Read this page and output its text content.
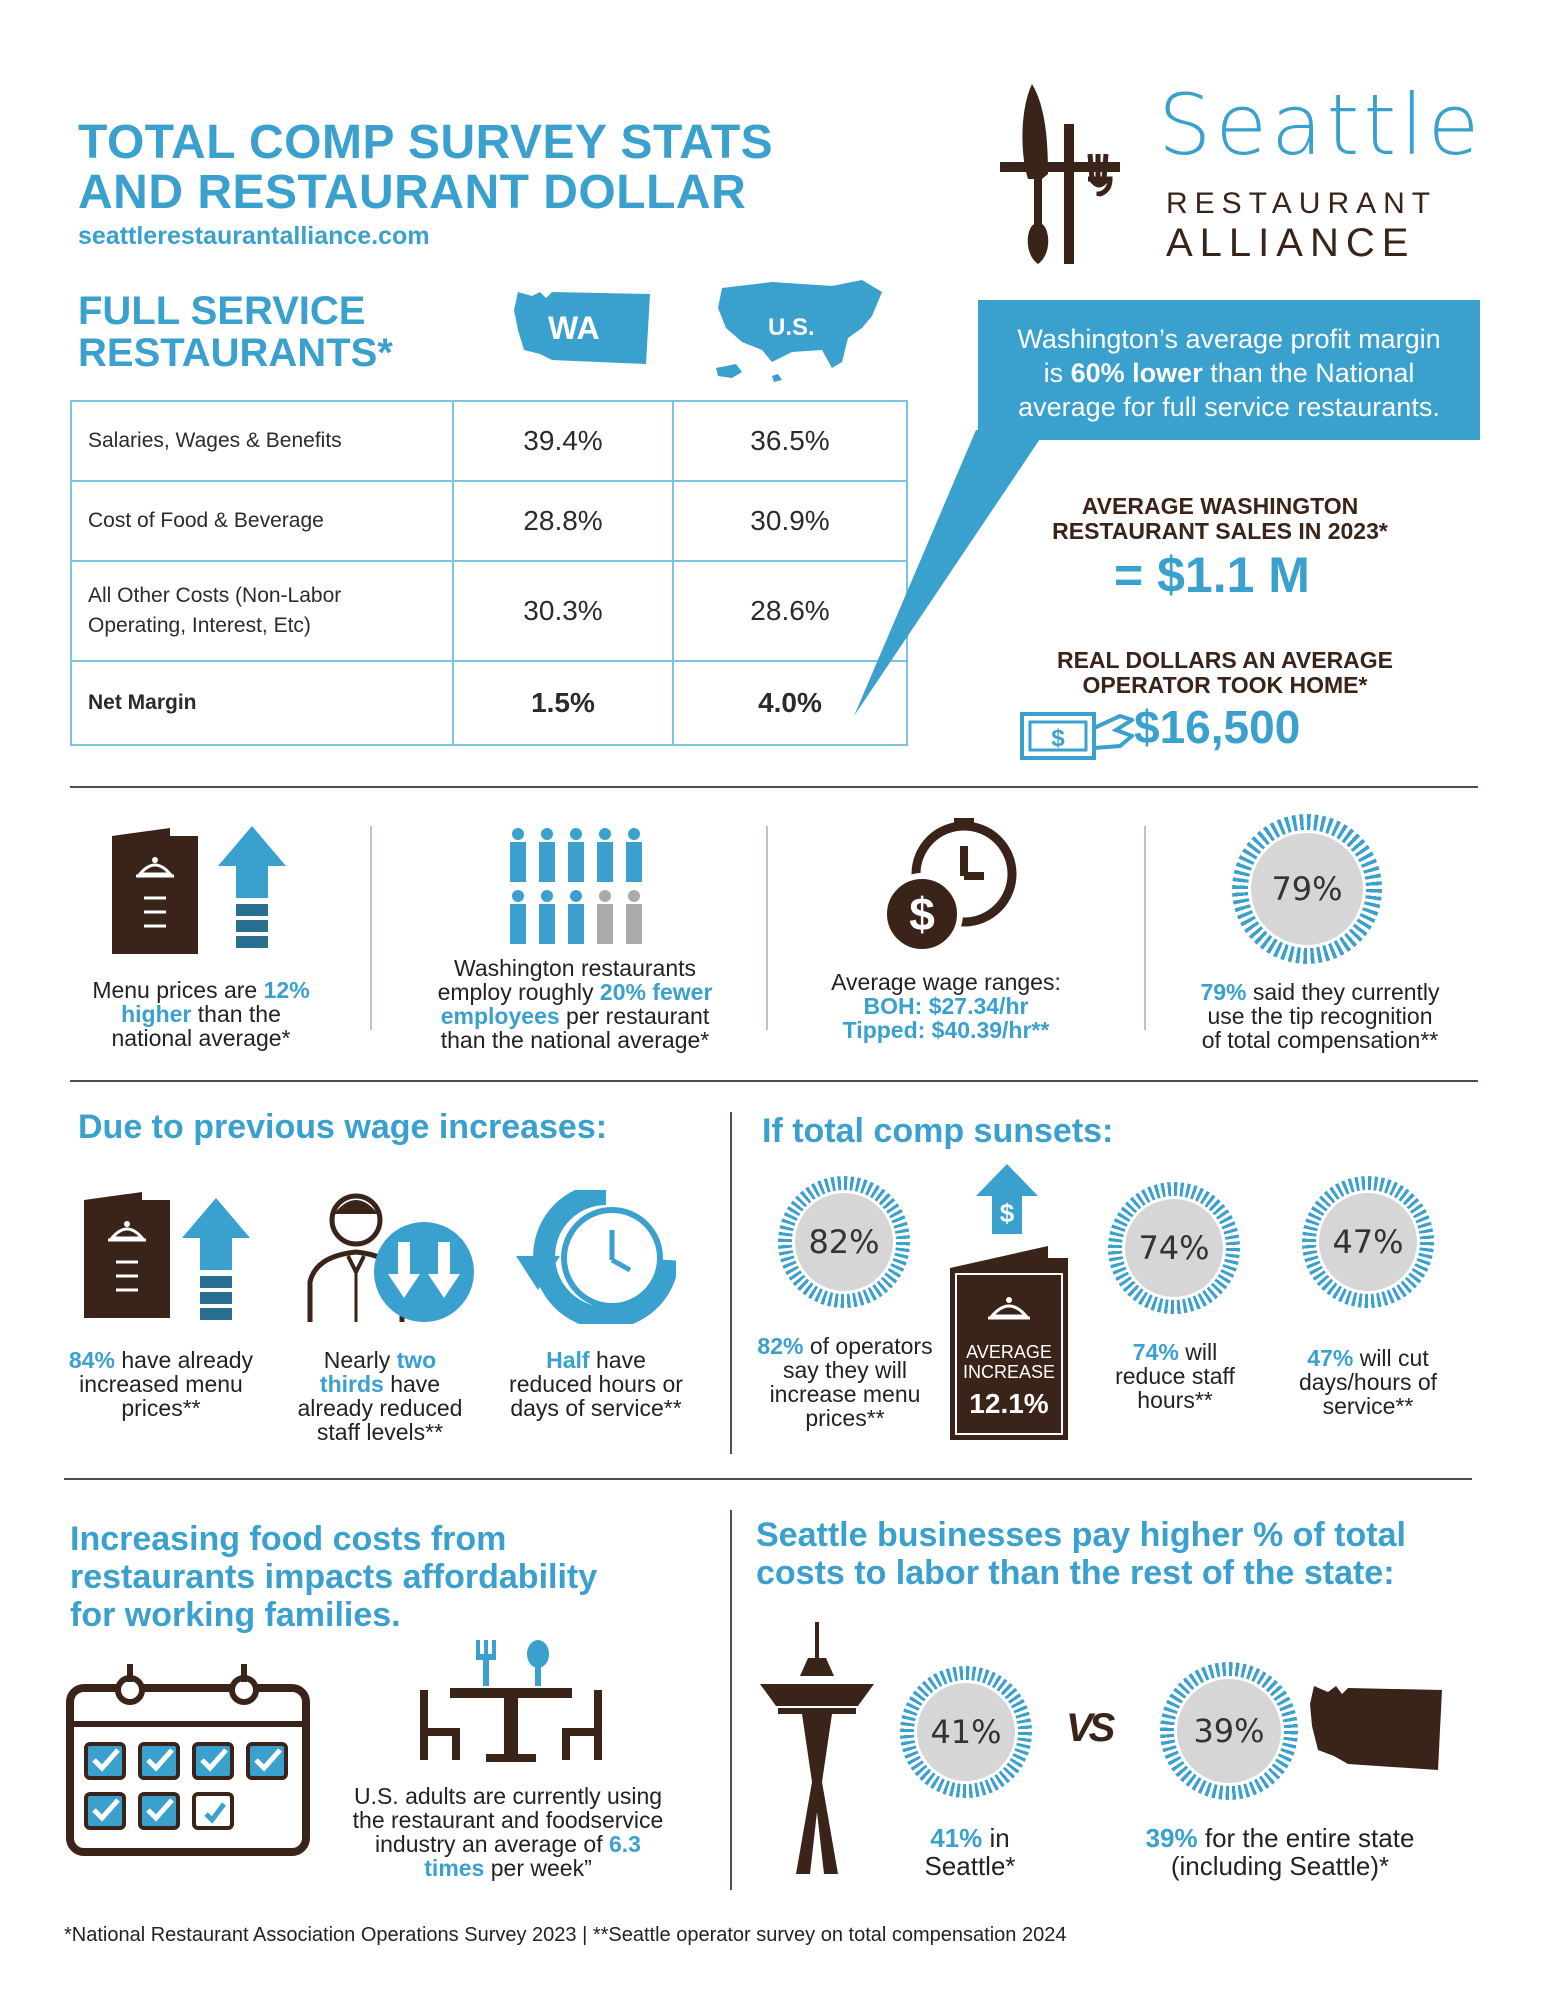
TOTAL COMP SURVEY STATS
AND RESTAURANT DOLLAR
seattlerestaurantalliance.com
Seattle
RESTAURANT
ALLIANCE
FULL SERVICE
RESTAURANTS*
WA	U.S.
Salaries, Wages & Benefits	39.4%	36.5%
Cost of Food & Beverage	28.8%	30.9%

All Other Costs (Non-Labor
Operating, Interest, Etc)	30.3%	28.6%
Net Margin	1.5%	4.0%
Washington’s average profit margin
is 60% lower than the National
average for full service restaurants.
AVERAGE WASHINGTON
RESTAURANT SALES IN 2023*
= $1.1 M
REAL DOLLARS AN AVERAGE
OPERATOR TOOK HOME*
$ $16,500
Menu prices are 12%
higher than the
national average*
Washington restaurants
employ roughly 20% fewer
employees per restaurant
than the national average*
$
Average wage ranges:
BOH: $27.34/hr
Tipped: $40.39/hr**
79%
79% said they currently
use the tip recognition
of total compensation**
Due to previous wage increases:
84% have already
increased menu
prices**
Nearly two
thirds have
already reduced
staff levels**
Half have
reduced hours or
days of service**
If total comp sunsets:
82%
82% of operators
say they will
increase menu
prices**
$
AVERAGE
INCREASE
12.1%
74%
74% will
reduce staff
hours**
47%
47% will cut
days/hours of
service**
Increasing food costs from
restaurants impacts affordability
for working families.
U.S. adults are currently using
the restaurant and foodservice
industry an average of 6.3
times per week”
Seattle businesses pay higher % of total
costs to labor than the rest of the state:
41%	VS	39%
41% in
Seattle*
39% for the entire state
(including Seattle)*
*National Restaurant Association Operations Survey 2023 | **Seattle operator survey on total compensation 2024
